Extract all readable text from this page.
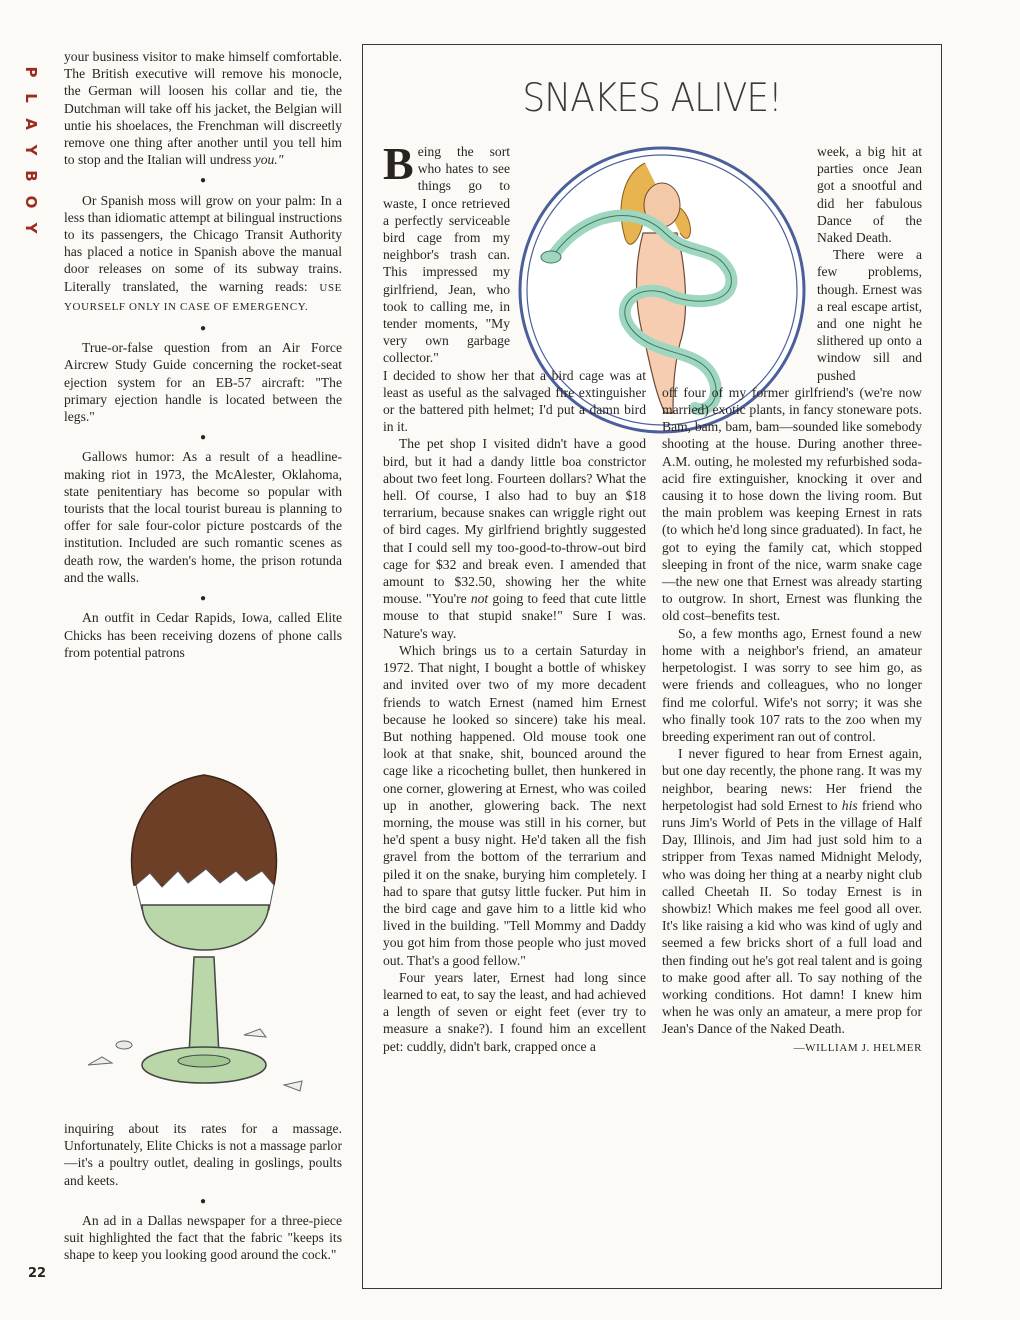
P
L
A
Y
B
O
Y
22

your business visitor to make himself comfortable. The British executive will remove his monocle, the German will loosen his collar and tie, the Dutchman will take off his jacket, the Belgian will untie his shoelaces, the Frenchman will discreetly remove one thing after another until you tell him to stop and the Italian will undress you."

●

Or Spanish moss will grow on your palm: In a less than idiomatic attempt at bilingual instructions to its passengers, the Chicago Transit Authority has placed a notice in Spanish above the manual door releases on some of its subway trains. Literally translated, the warning reads: USE YOURSELF ONLY IN CASE OF EMERGENCY.

●

True-or-false question from an Air Force Aircrew Study Guide concerning the rocket-seat ejection system for an EB-57 aircraft: "The primary ejection handle is located between the legs."

●

Gallows humor: As a result of a headline-making riot in 1973, the McAlester, Oklahoma, state penitentiary has become so popular with tourists that the local tourist bureau is planning to offer for sale four-color picture postcards of the institution. Included are such romantic scenes as death row, the warden's home, the prison rotunda and the walls.

●

An outfit in Cedar Rapids, Iowa, called Elite Chicks has been receiving dozens of phone calls from potential patrons

inquiring about its rates for a massage. Unfortunately, Elite Chicks is not a massage parlor—it's a poultry outlet, dealing in goslings, poults and keets.

●

An ad in a Dallas newspaper for a three-piece suit highlighted the fact that the fabric "keeps its shape to keep you looking good around the cock."

SNAKES ALIVE!

Being the sort who hates to see things go to waste, I once retrieved a perfectly serviceable bird cage from my neighbor's trash can. This impressed my girlfriend, Jean, who took to calling me, in tender moments, "My very own garbage collector."

I decided to show her that a bird cage was at least as useful as the salvaged fire extinguisher or the battered pith helmet; I'd put a damn bird in it.

The pet shop I visited didn't have a good bird, but it had a dandy little boa constrictor about two feet long. Fourteen dollars? What the hell. Of course, I also had to buy an $18 terrarium, because snakes can wriggle right out of bird cages. My girlfriend brightly suggested that I could sell my too-good-to-throw-out bird cage for $32 and break even. I amended that amount to $32.50, showing her the white mouse. "You're not going to feed that cute little mouse to that stupid snake!" Sure I was. Nature's way.

Which brings us to a certain Saturday in 1972. That night, I bought a bottle of whiskey and invited over two of my more decadent friends to watch Ernest (named him Ernest because he looked so sincere) take his meal. But nothing happened. Old mouse took one look at that snake, shit, bounced around the cage like a ricocheting bullet, then hunkered in one corner, glowering at Ernest, who was coiled up in another, glowering back. The next morning, the mouse was still in his corner, but he'd spent a busy night. He'd taken all the fish gravel from the bottom of the terrarium and piled it on the snake, burying him completely. I had to spare that gutsy little fucker. Put him in the bird cage and gave him to a little kid who lived in the building. "Tell Mommy and Daddy you got him from those people who just moved out. That's a good fellow."

Four years later, Ernest had long since learned to eat, to say the least, and had achieved a length of seven or eight feet (ever try to measure a snake?). I found him an excellent pet: cuddly, didn't bark, crapped once a

week, a big hit at parties once Jean got a snootful and did her fabulous Dance of the Naked Death.

There were a few problems, though. Ernest was a real escape artist, and one night he slithered up onto a window sill and pushed

off four of my former girlfriend's (we're now married) exotic plants, in fancy stoneware pots. Bam, bam, bam, bam—sounded like somebody shooting at the house. During another three-A.M. outing, he molested my refurbished soda-acid fire extinguisher, knocking it over and causing it to hose down the living room. But the main problem was keeping Ernest in rats (to which he'd long since graduated). In fact, he got to eying the family cat, which stopped sleeping in front of the nice, warm snake cage—the new one that Ernest was already starting to outgrow. In short, Ernest was flunking the old cost–benefits test.

So, a few months ago, Ernest found a new home with a neighbor's friend, an amateur herpetologist. I was sorry to see him go, as were friends and colleagues, who no longer find me colorful. Wife's not sorry; it was she who finally took 107 rats to the zoo when my breeding experiment ran out of control.

I never figured to hear from Ernest again, but one day recently, the phone rang. It was my neighbor, bearing news: Her friend the herpetologist had sold Ernest to his friend who runs Jim's World of Pets in the village of Half Day, Illinois, and Jim had just sold him to a stripper from Texas named Midnight Melody, who was doing her thing at a nearby night club called Cheetah II. So today Ernest is in showbiz! Which makes me feel good all over. It's like raising a kid who was kind of ugly and seemed a few bricks short of a full load and then finding out he's got real talent and is going to make good after all. To say nothing of the working conditions. Hot damn! I knew him when he was only an amateur, a mere prop for Jean's Dance of the Naked Death.

—WILLIAM J. HELMER
